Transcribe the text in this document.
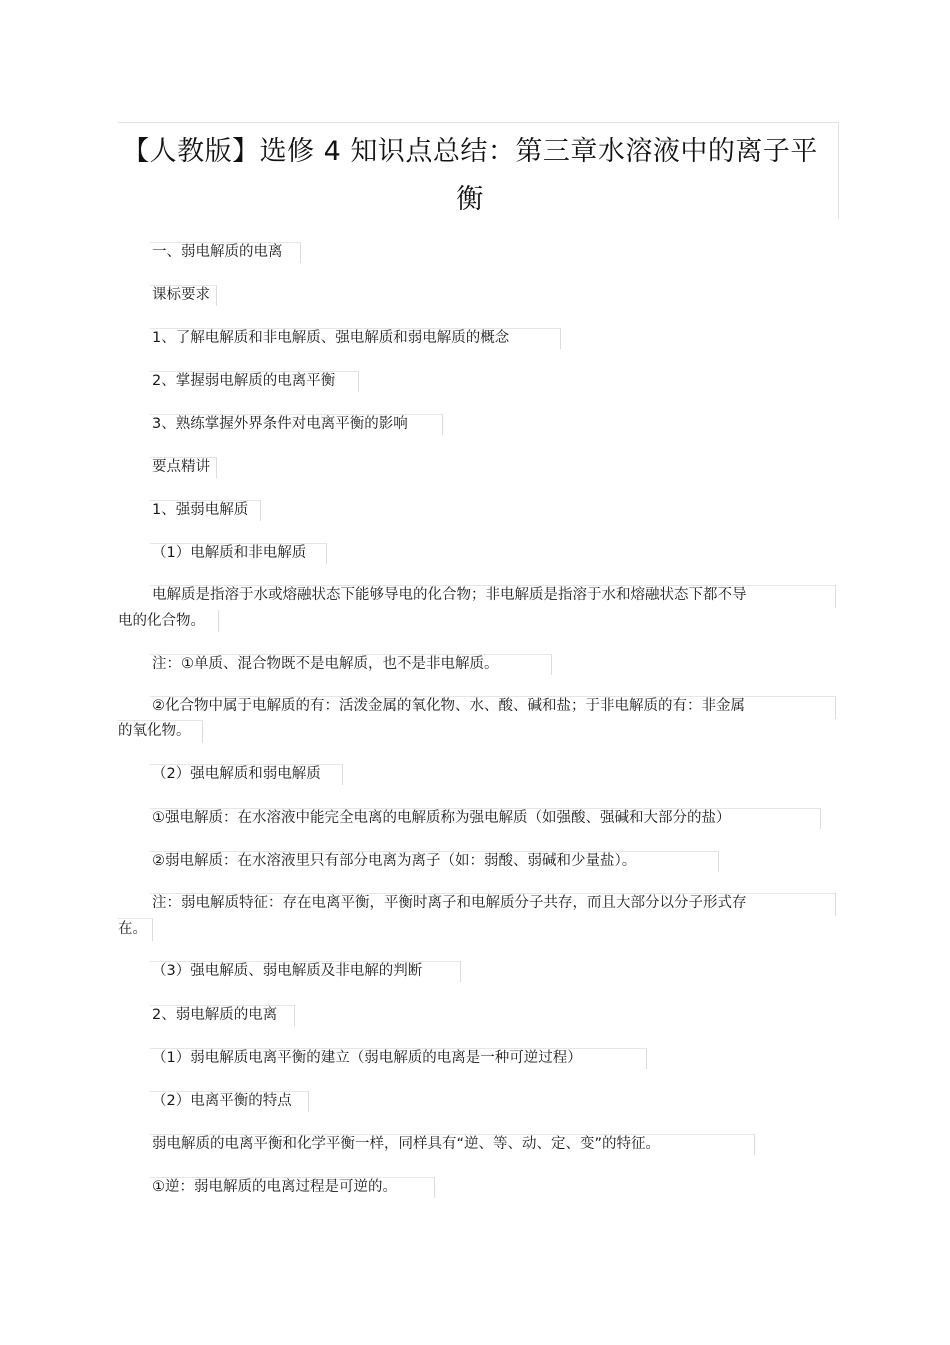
【人教版】选修 4 知识点总结：第三章水溶液中的离子平
衡
一、弱电解质的电离
课标要求
1、了解电解质和非电解质、强电解质和弱电解质的概念
2、掌握弱电解质的电离平衡
3、熟练掌握外界条件对电离平衡的影响
要点精讲
1、强弱电解质
（1）电解质和非电解质
电解质是指溶于水或熔融状态下能够导电的化合物；非电解质是指溶于水和熔融状态下都不导
电的化合物。
注：①单质、混合物既不是电解质，也不是非电解质。
②化合物中属于电解质的有：活泼金属的氧化物、水、酸、碱和盐；于非电解质的有：非金属
的氧化物。
（2）强电解质和弱电解质
①强电解质：在水溶液中能完全电离的电解质称为强电解质（如强酸、强碱和大部分的盐）
②弱电解质：在水溶液里只有部分电离为离子（如：弱酸、弱碱和少量盐）。
注：弱电解质特征：存在电离平衡，平衡时离子和电解质分子共存，而且大部分以分子形式存
在。
（3）强电解质、弱电解质及非电解的判断
2、弱电解质的电离
（1）弱电解质电离平衡的建立（弱电解质的电离是一种可逆过程）
（2）电离平衡的特点
弱电解质的电离平衡和化学平衡一样，同样具有“逆、等、动、定、变”的特征。
①逆：弱电解质的电离过程是可逆的。
